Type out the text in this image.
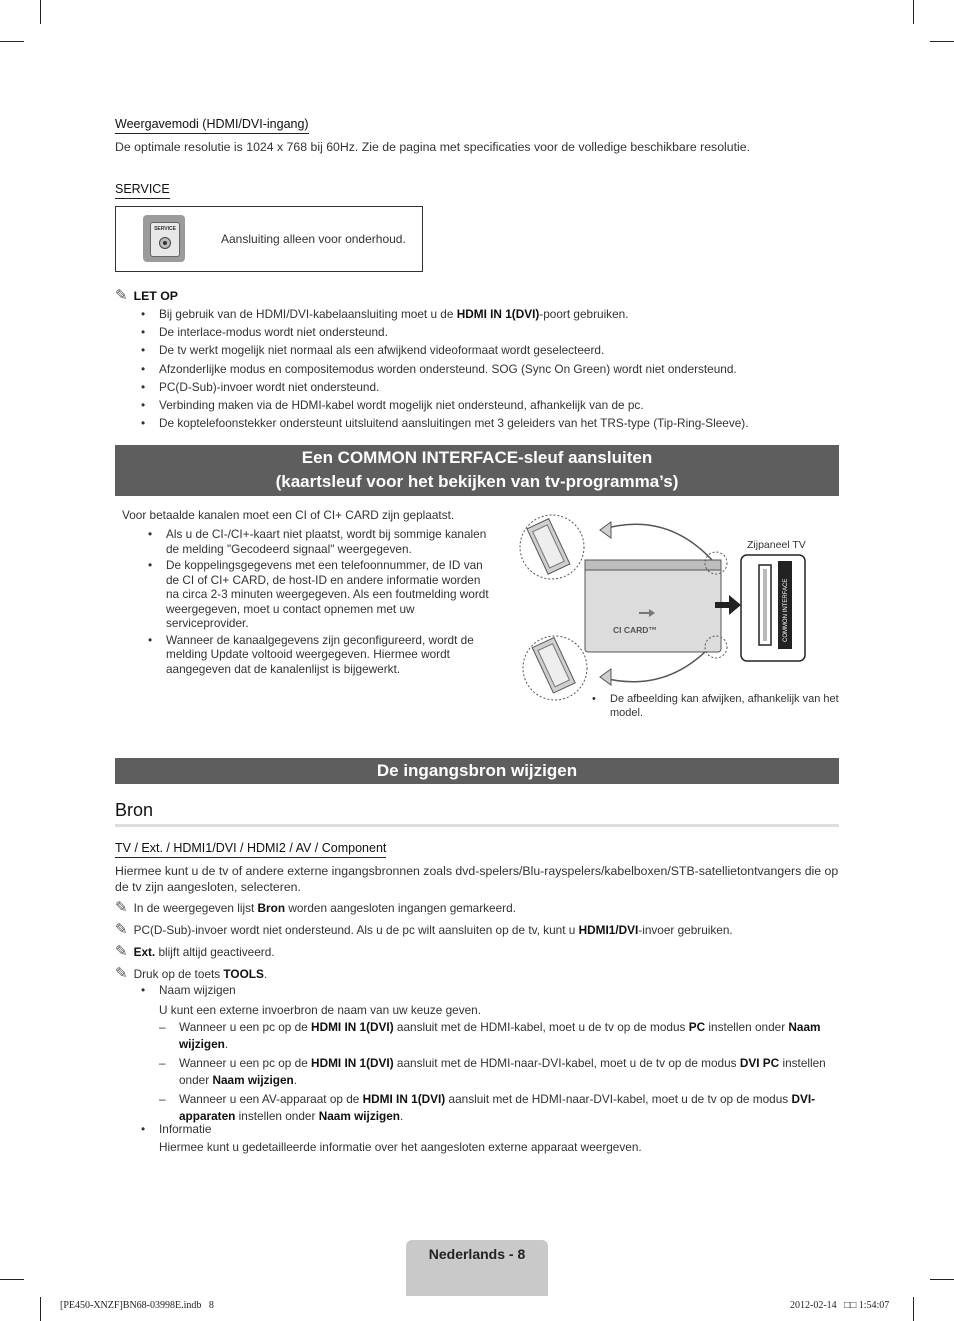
Weergavemodi (HDMI/DVI-ingang)
De optimale resolutie is 1024 x 768 bij 60Hz. Zie de pagina met specificaties voor de volledige beschikbare resolutie.
SERVICE
SERVICE
Aansluiting alleen voor onderhoud.
✎ LET OP
• Bij gebruik van de HDMI/DVI-kabelaansluiting moet u de HDMI IN 1(DVI)-poort gebruiken.
• De interlace-modus wordt niet ondersteund.
• De tv werkt mogelijk niet normaal als een afwijkend videoformaat wordt geselecteerd.
• Afzonderlijke modus en compositemodus worden ondersteund. SOG (Sync On Green) wordt niet ondersteund.
• PC(D-Sub)-invoer wordt niet ondersteund.
• Verbinding maken via de HDMI-kabel wordt mogelijk niet ondersteund, afhankelijk van de pc.
• De koptelefoonstekker ondersteunt uitsluitend aansluitingen met 3 geleiders van het TRS-type (Tip-Ring-Sleeve).
Een COMMON INTERFACE-sleuf aansluiten
(kaartsleuf voor het bekijken van tv-programma’s)
Voor betaalde kanalen moet een CI of CI+ CARD zijn geplaatst.
• Als u de CI-/CI+-kaart niet plaatst, wordt bij sommige kanalen de melding "Gecodeerd signaal" weergegeven.
• De koppelingsgegevens met een telefoonnummer, de ID van de CI of CI+ CARD, de host-ID en andere informatie worden na circa 2-3 minuten weergegeven. Als een foutmelding wordt weergegeven, moet u contact opnemen met uw serviceprovider.
• Wanneer de kanaalgegevens zijn geconfigureerd, wordt de melding Update voltooid weergegeven. Hiermee wordt aangegeven dat de kanalenlijst is bijgewerkt.
CI CARD™
Zijpaneel TV
COMMON INTERFACE
• De afbeelding kan afwijken, afhankelijk van het model.
De ingangsbron wijzigen
Bron
TV / Ext. / HDMI1/DVI / HDMI2 / AV / Component
Hiermee kunt u de tv of andere externe ingangsbronnen zoals dvd-spelers/Blu-rayspelers/kabelboxen/STB-satellietontvangers die op de tv zijn aangesloten, selecteren.
✎ In de weergegeven lijst Bron worden aangesloten ingangen gemarkeerd.
✎ PC(D-Sub)-invoer wordt niet ondersteund. Als u de pc wilt aansluiten op de tv, kunt u HDMI1/DVI-invoer gebruiken.
✎ Ext. blijft altijd geactiveerd.
✎ Druk op de toets TOOLS.
• Naam wijzigen
U kunt een externe invoerbron de naam van uw keuze geven.
– Wanneer u een pc op de HDMI IN 1(DVI) aansluit met de HDMI-kabel, moet u de tv op de modus PC instellen onder Naam wijzigen.
– Wanneer u een pc op de HDMI IN 1(DVI) aansluit met de HDMI-naar-DVI-kabel, moet u de tv op de modus DVI PC instellen onder Naam wijzigen.
– Wanneer u een AV-apparaat op de HDMI IN 1(DVI) aansluit met de HDMI-naar-DVI-kabel, moet u de tv op de modus DVI-apparaten instellen onder Naam wijzigen.
• Informatie
Hiermee kunt u gedetailleerde informatie over het aangesloten externe apparaat weergeven.
Nederlands - 8
[PE450-XNZF]BN68-03998E.indb   8	2012-02-14   □□ 1:54:07
